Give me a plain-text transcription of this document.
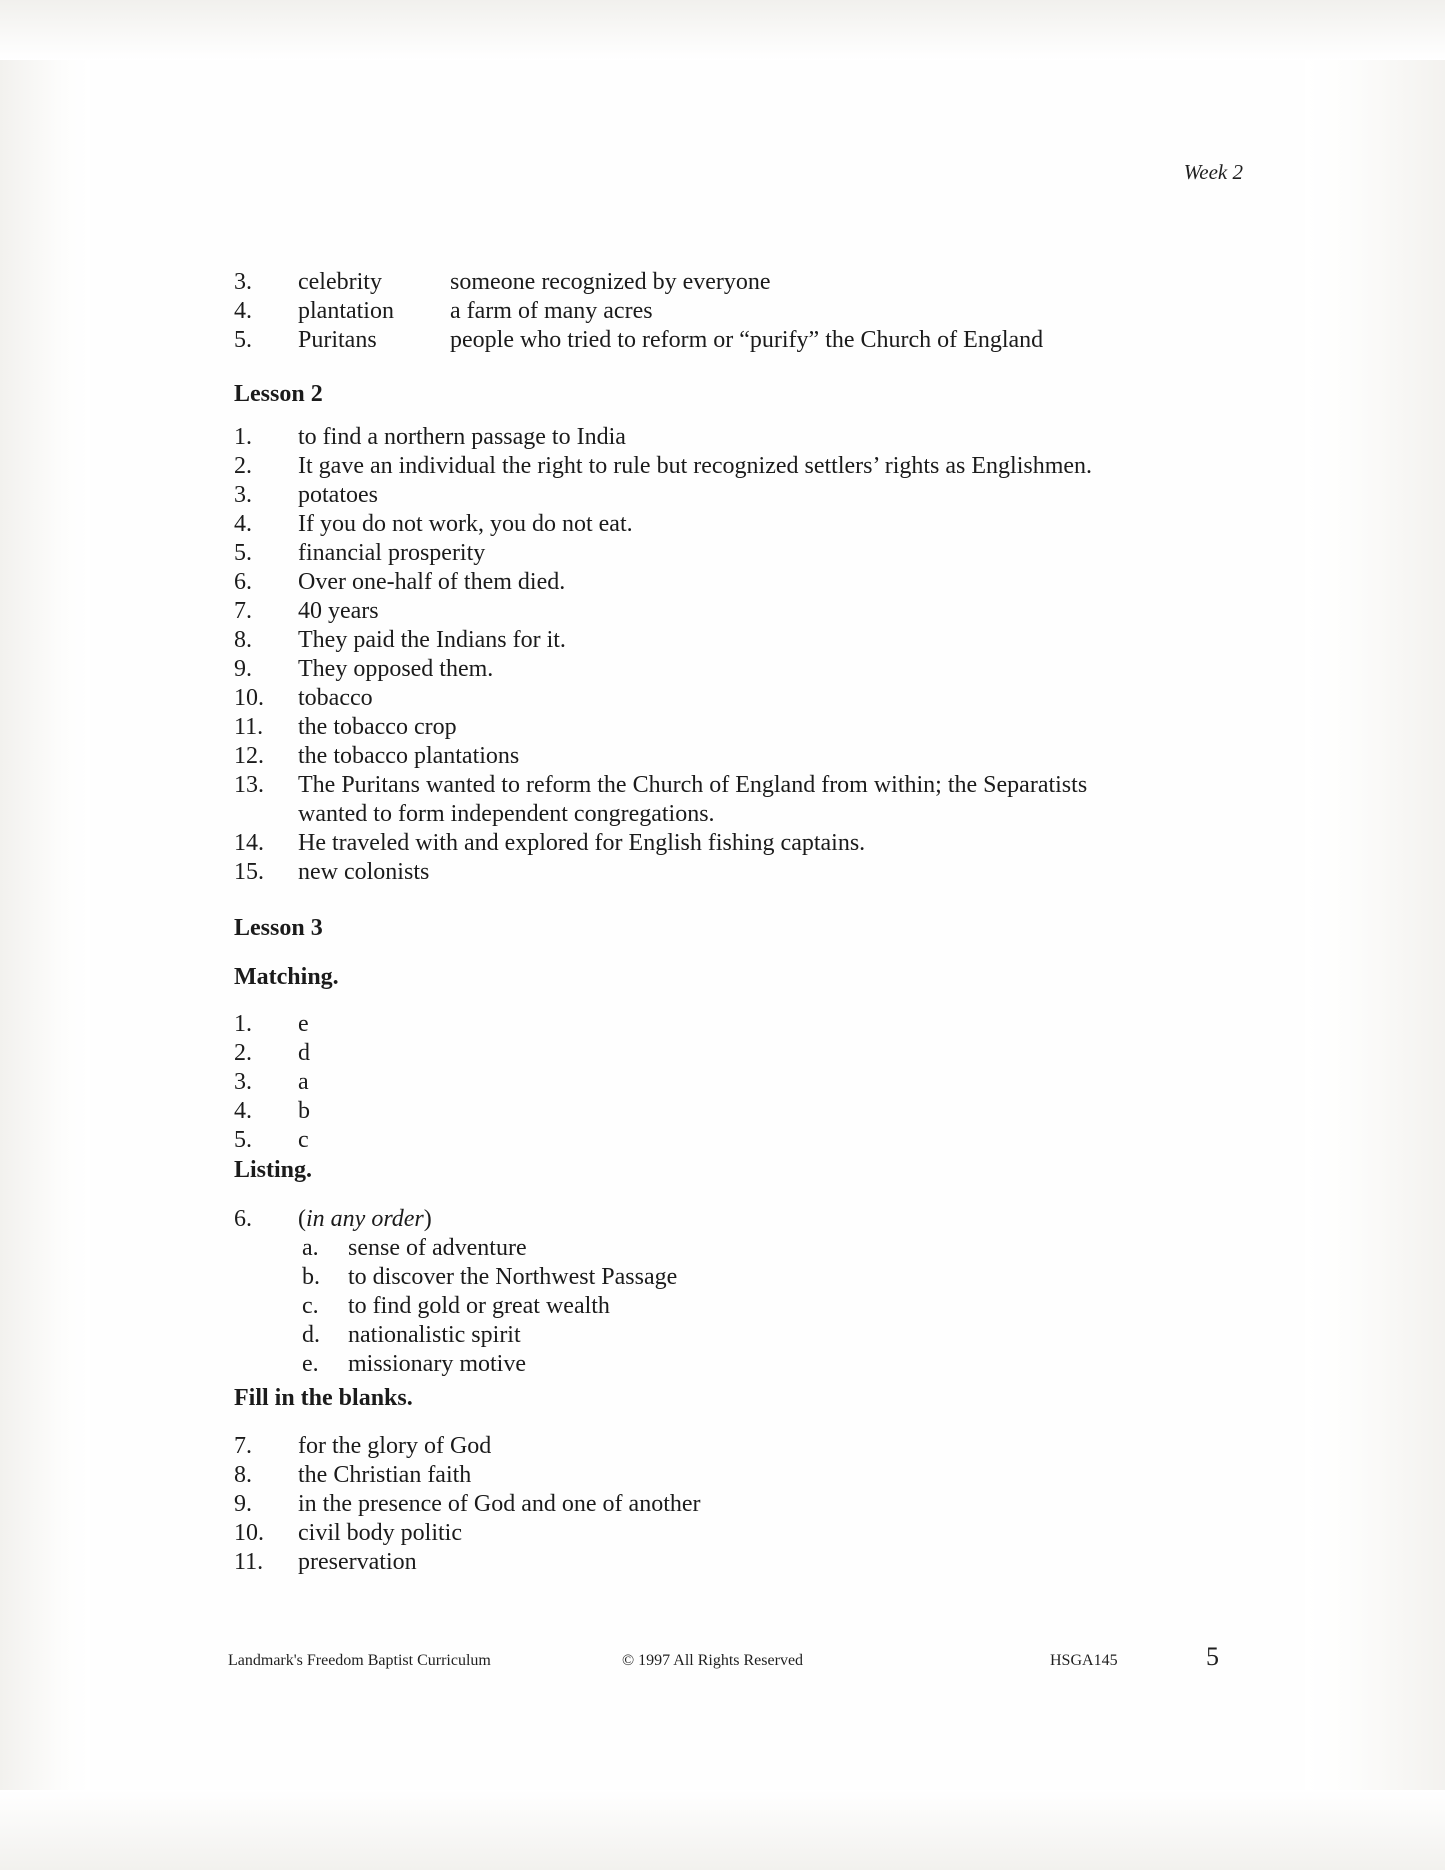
Week 2
3.	celebrity	someone recognized by everyone
4.	plantation	a farm of many acres
5.	Puritans	people who tried to reform or “purify” the Church of England
Lesson 2
1.	to find a northern passage to India
2.	It gave an individual the right to rule but recognized settlers’ rights as Englishmen.
3.	potatoes
4.	If you do not work, you do not eat.
5.	financial prosperity
6.	Over one-half of them died.
7.	40 years
8.	They paid the Indians for it.
9.	They opposed them.
10.	tobacco
11.	the tobacco crop
12.	the tobacco plantations
13.	The Puritans wanted to reform the Church of England from within; the Separatists
wanted to form independent congregations.
14.	He traveled with and explored for English fishing captains.
15.	new colonists
Lesson 3
Matching.
1.	e
2.	d
3.	a
4.	b
5.	c
Listing.
6.	(in any order)
a.	sense of adventure
b.	to discover the Northwest Passage
c.	to find gold or great wealth
d.	nationalistic spirit
e.	missionary motive
Fill in the blanks.
7.	for the glory of God
8.	the Christian faith
9.	in the presence of God and one of another
10.	civil body politic
11.	preservation
Landmark's Freedom Baptist Curriculum	© 1997 All Rights Reserved	HSGA145	5
